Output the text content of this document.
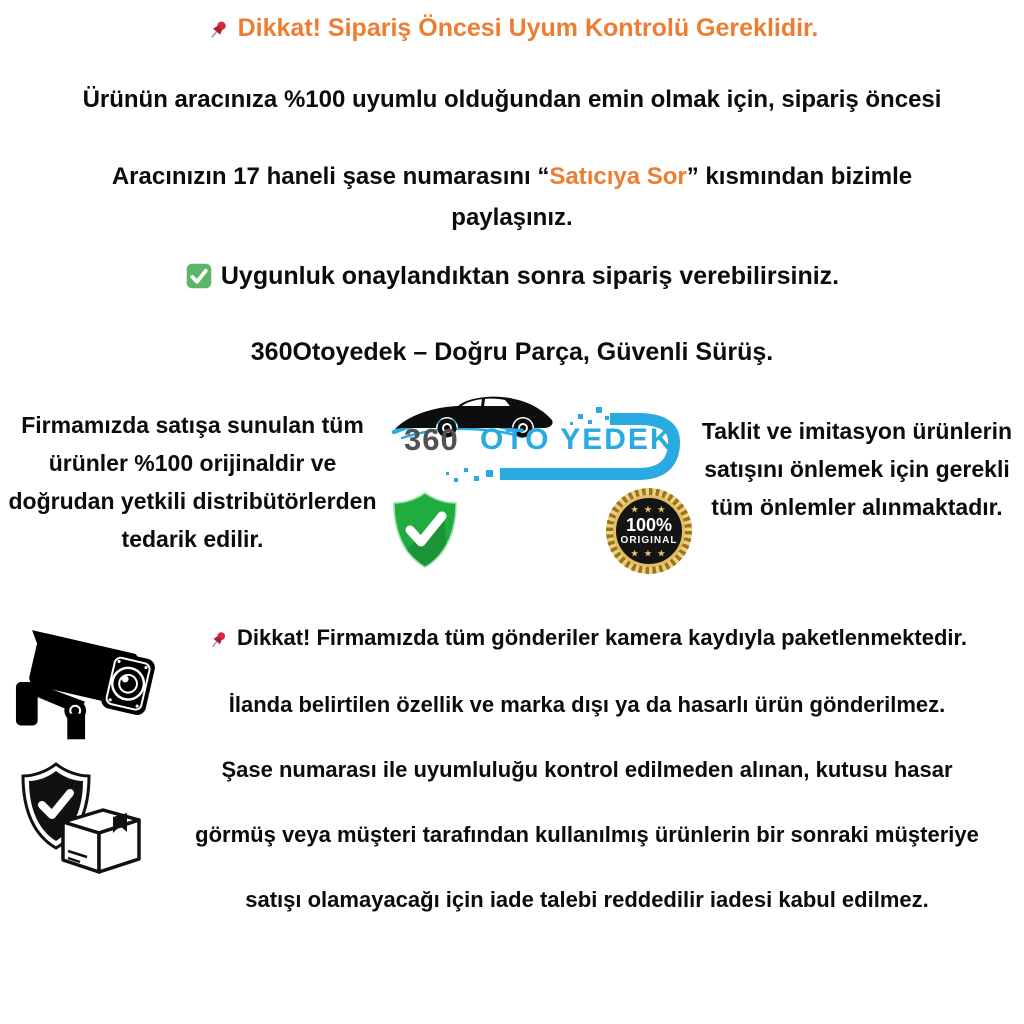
Dikkat! Sipariş Öncesi Uyum Kontrolü Gereklidir.
Ürünün aracınıza %100 uyumlu olduğundan emin olmak için, sipariş öncesi
Aracınızın 17 haneli şase numarasını “Satıcıya Sor” kısmından bizimle paylaşınız.
Uygunluk onaylandıktan sonra sipariş verebilirsiniz.
360Otoyedek – Doğru Parça, Güvenli Sürüş.
Firmamızda satışa sunulan tüm ürünler %100 orijinaldir ve doğrudan yetkili distribütörlerden tedarik edilir.
Taklit ve imitasyon ürünlerin satışını önlemek için gerekli tüm önlemler alınmaktadır.
360 OTO YEDEK
★ ★ ★
100%
ORIGINAL
★ ★ ★
Dikkat! Firmamızda tüm gönderiler kamera kaydıyla paketlenmektedir.
İlanda belirtilen özellik ve marka dışı ya da hasarlı ürün gönderilmez.
Şase numarası ile uyumluluğu kontrol edilmeden alınan, kutusu hasar
görmüş veya müşteri tarafından kullanılmış ürünlerin bir sonraki müşteriye
satışı olamayacağı için iade talebi reddedilir iadesi kabul edilmez.
